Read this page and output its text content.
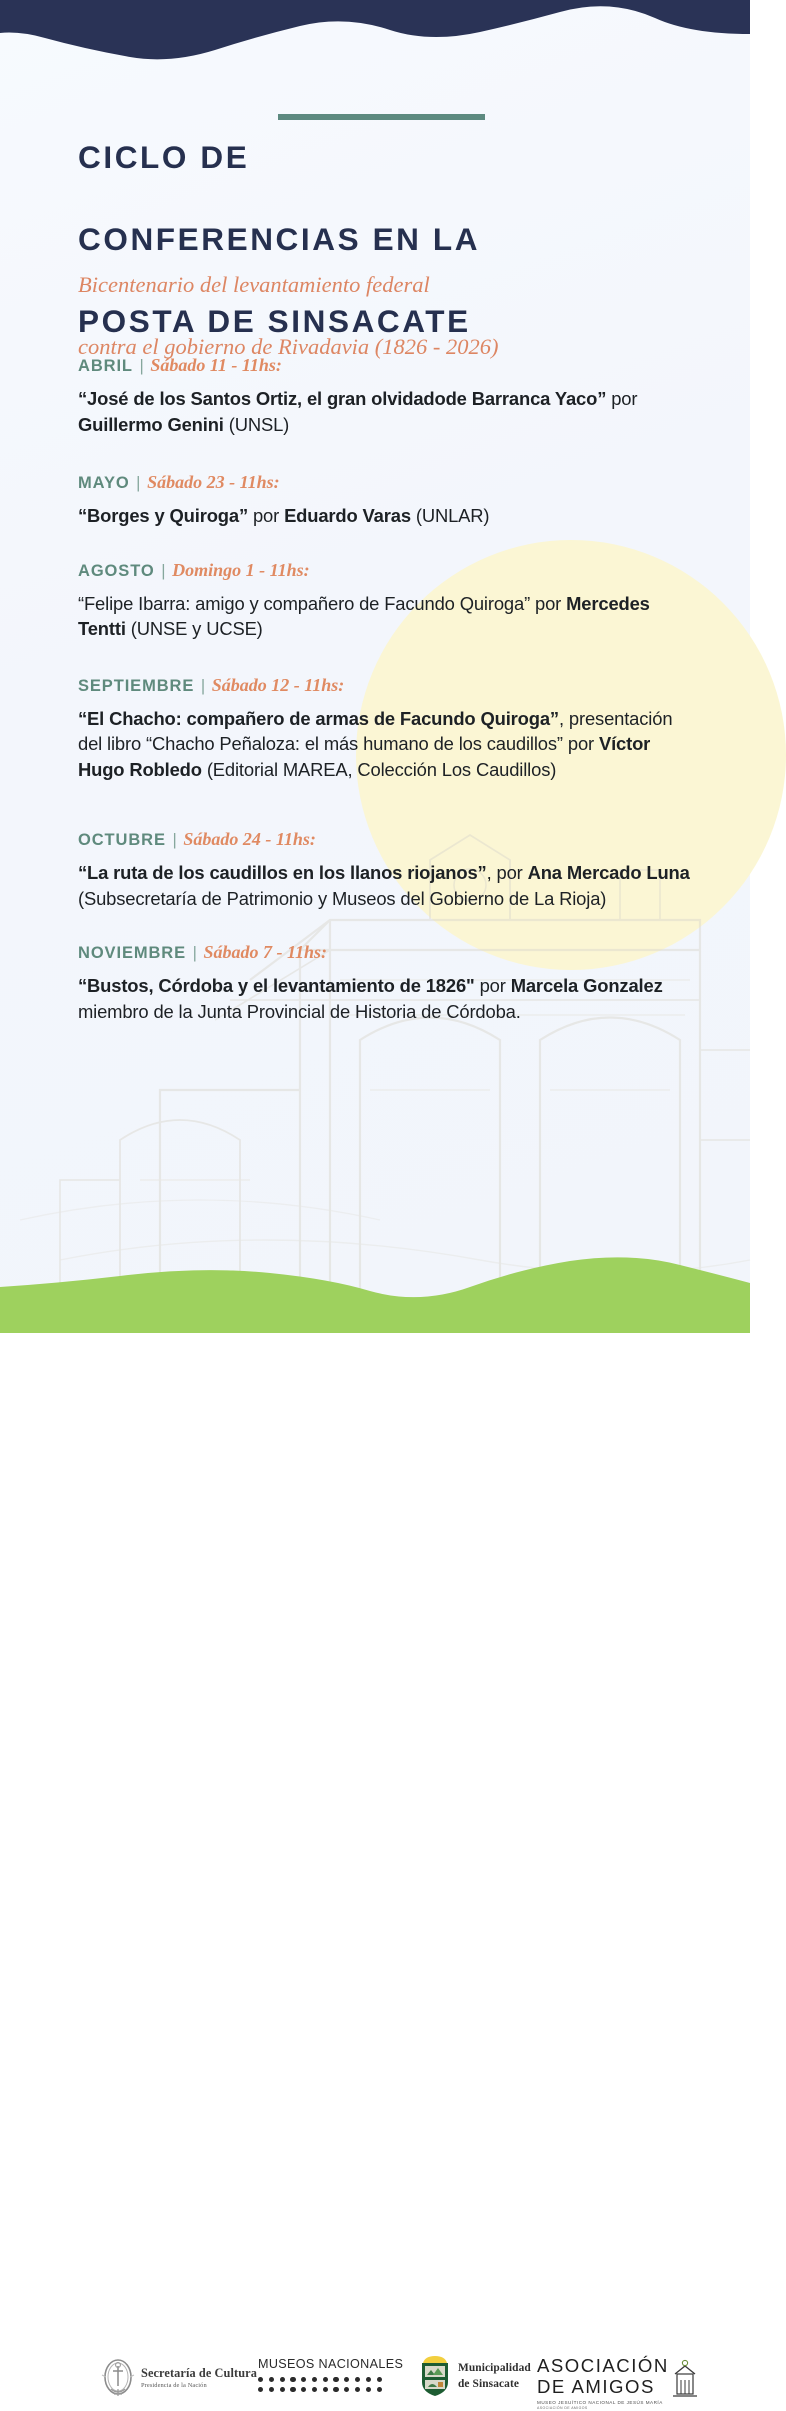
CICLO DE

CONFERENCIAS EN LA

POSTA DE SINSACATE

Bicentenario del levantamiento federal

contra el gobierno de Rivadavia (1826 - 2026)

ABRIL | Sábado 11 - 11hs:
“José de los Santos Ortiz, el gran olvidadode Barranca Yaco” por Guillermo Genini (UNSL)
MAYO | Sábado 23 - 11hs:
“Borges y Quiroga” por Eduardo Varas (UNLAR)
AGOSTO | Domingo 1 - 11hs:
“Felipe Ibarra: amigo y compañero de Facundo Quiroga” por Mercedes Tentti (UNSE y UCSE)
SEPTIEMBRE | Sábado 12 - 11hs:
“El Chacho: compañero de armas de Facundo Quiroga”, presentación del libro “Chacho Peñaloza: el más humano de los caudillos” por Víctor Hugo Robledo (Editorial MAREA, Colección Los Caudillos)
OCTUBRE | Sábado 24 - 11hs:
“La ruta de los caudillos en los llanos riojanos”, por Ana Mercado Luna (Subsecretaría de Patrimonio y Museos del Gobierno de La Rioja)
NOVIEMBRE | Sábado 7 - 11hs:
“Bustos, Córdoba y el levantamiento de 1826" por Marcela Gonzalez miembro de la Junta Provincial de Historia de Córdoba.
Secretaría de Cultura
Presidencia de la Nación
MUSEOS NACIONALES	Municipalidad
de Sinsacate
ASOCIACIÓN
DE AMIGOS
MUSEO JESUÍTICO NACIONAL DE JESÚS MARÍA
ASOCIACIÓN DE AMIGOS
